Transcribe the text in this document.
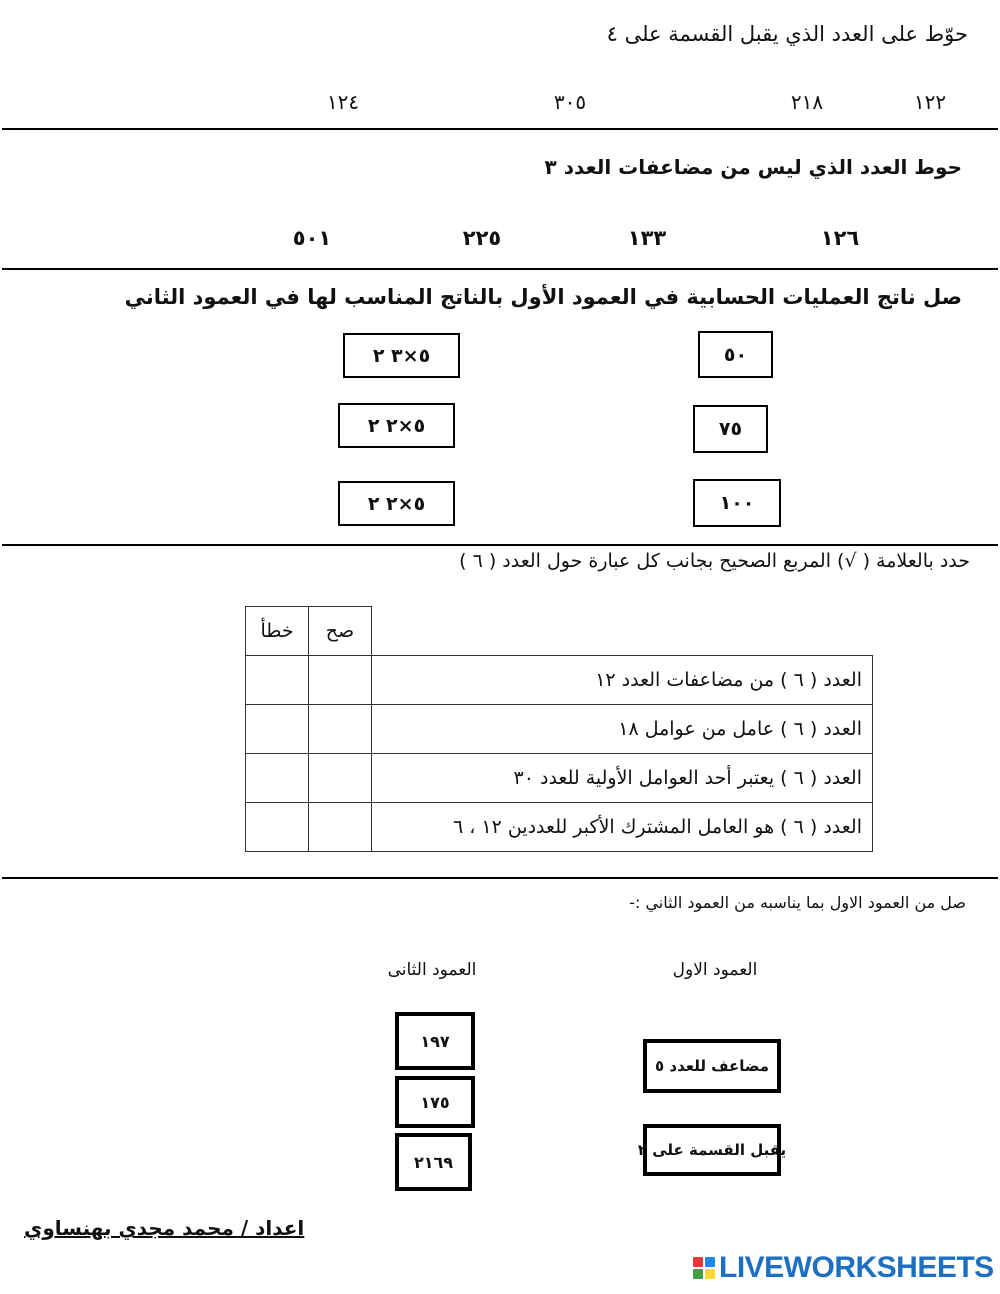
حوّط على العدد الذي يقبل القسمة على ٤
١٢٢
٢١٨
٣٠٥
١٢٤
حوط العدد الذي ليس من مضاعفات العدد ٣
١٢٦
١٣٣
٢٢٥
٥٠١
صل ناتج العمليات الحسابية في العمود الأول بالناتج المناسب لها في العمود الثاني
٥٠
٧٥
١٠٠
٥×٣ ٢
٥×٢ ٢
٥×٢ ٢
حدد بالعلامة ( √) المربع الصحيح بجانب كل عبارة حول العدد ( ٦ )
	صح	خطأ
العدد ( ٦ ) من مضاعفات العدد ١٢		
العدد ( ٦ ) عامل من عوامل ١٨		
العدد ( ٦ ) يعتبر أحد العوامل الأولية للعدد ٣٠		
العدد ( ٦ ) هو العامل المشترك الأكبر للعددين ١٢ ، ٦		
صل من العمود الاول بما يناسبه من العمود الثاني :-
العمود الاول
العمود الثانى
مضاعف للعدد ٥
يقبل القسمة على ٢
١٩٧
١٧٥
٢١٦٩
اعداد / محمد مجدي بهنساوي
LIVEWORKSHEETS
